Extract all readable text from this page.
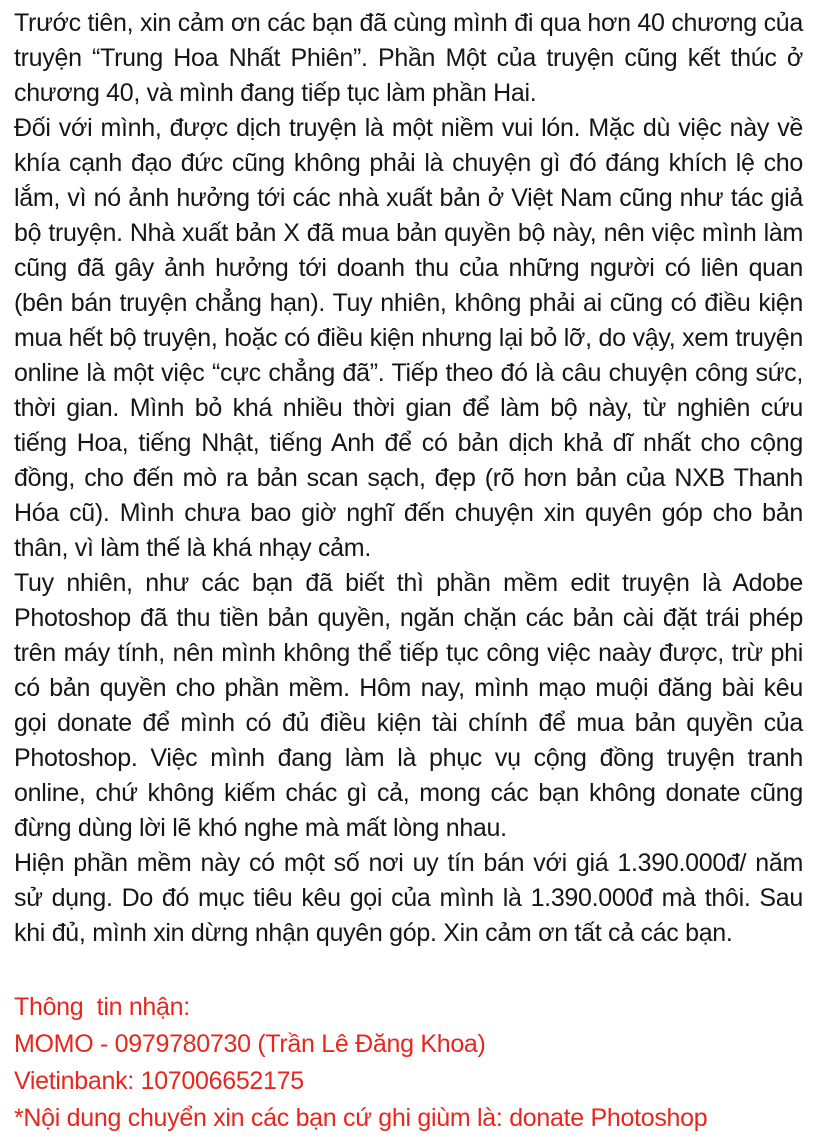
Trước tiên, xin cảm ơn các bạn đã cùng mình đi qua hơn 40 chương của truyện “Trung Hoa Nhất Phiên”. Phần Một của truyện cũng kết thúc ở chương 40, và mình đang tiếp tục làm phần Hai.

Đối với mình, được dịch truyện là một niềm vui lón. Mặc dù việc này về khía cạnh đạo đức cũng không phải là chuyện gì đó đáng khích lệ cho lắm, vì nó ảnh hưởng tới các nhà xuất bản ở Việt Nam cũng như tác giả bộ truyện. Nhà xuất bản X đã mua bản quyền bộ này, nên việc mình làm cũng đã gây ảnh hưởng tới doanh thu của những người có liên quan (bên bán truyện chẳng hạn). Tuy nhiên, không phải ai cũng có điều kiện mua hết bộ truyện, hoặc có điều kiện nhưng lại bỏ lỡ, do vậy, xem truyện online là một việc “cực chẳng đã”. Tiếp theo đó là câu chuyện công sức, thời gian. Mình bỏ khá nhiều thời gian để làm bộ này, từ nghiên cứu tiếng Hoa, tiếng Nhật, tiếng Anh để có bản dịch khả dĩ nhất cho cộng đồng, cho đến mò ra bản scan sạch, đẹp (rõ hơn bản của NXB Thanh Hóa cũ). Mình chưa bao giờ nghĩ đến chuyện xin quyên góp cho bản thân, vì làm thế là khá nhạy cảm.

Tuy nhiên, như các bạn đã biết thì phần mềm edit truyện là Adobe Photoshop đã thu tiền bản quyền, ngăn chặn các bản cài đặt trái phép trên máy tính, nên mình không thể tiếp tục công việc naày được, trừ phi có bản quyền cho phần mềm. Hôm nay, mình mạo muội đăng bài kêu gọi donate để mình có đủ điều kiện tài chính để mua bản quyền của Photoshop. Việc mình đang làm là phục vụ cộng đồng truyện tranh online, chứ không kiếm chác gì cả, mong các bạn không donate cũng đừng dùng lời lẽ khó nghe mà mất lòng nhau.

Hiện phần mềm này có một số nơi uy tín bán với giá 1.390.000đ/ năm sử dụng. Do đó mục tiêu kêu gọi của mình là 1.390.000đ mà thôi. Sau khi đủ, mình xin dừng nhận quyên góp. Xin cảm ơn tất cả các bạn.

Thông  tin nhận:

MOMO - 0979780730 (Trần Lê Đăng Khoa)

Vietinbank: 107006652175

*Nội dung chuyển xin các bạn cứ ghi giùm là: donate Photoshop
